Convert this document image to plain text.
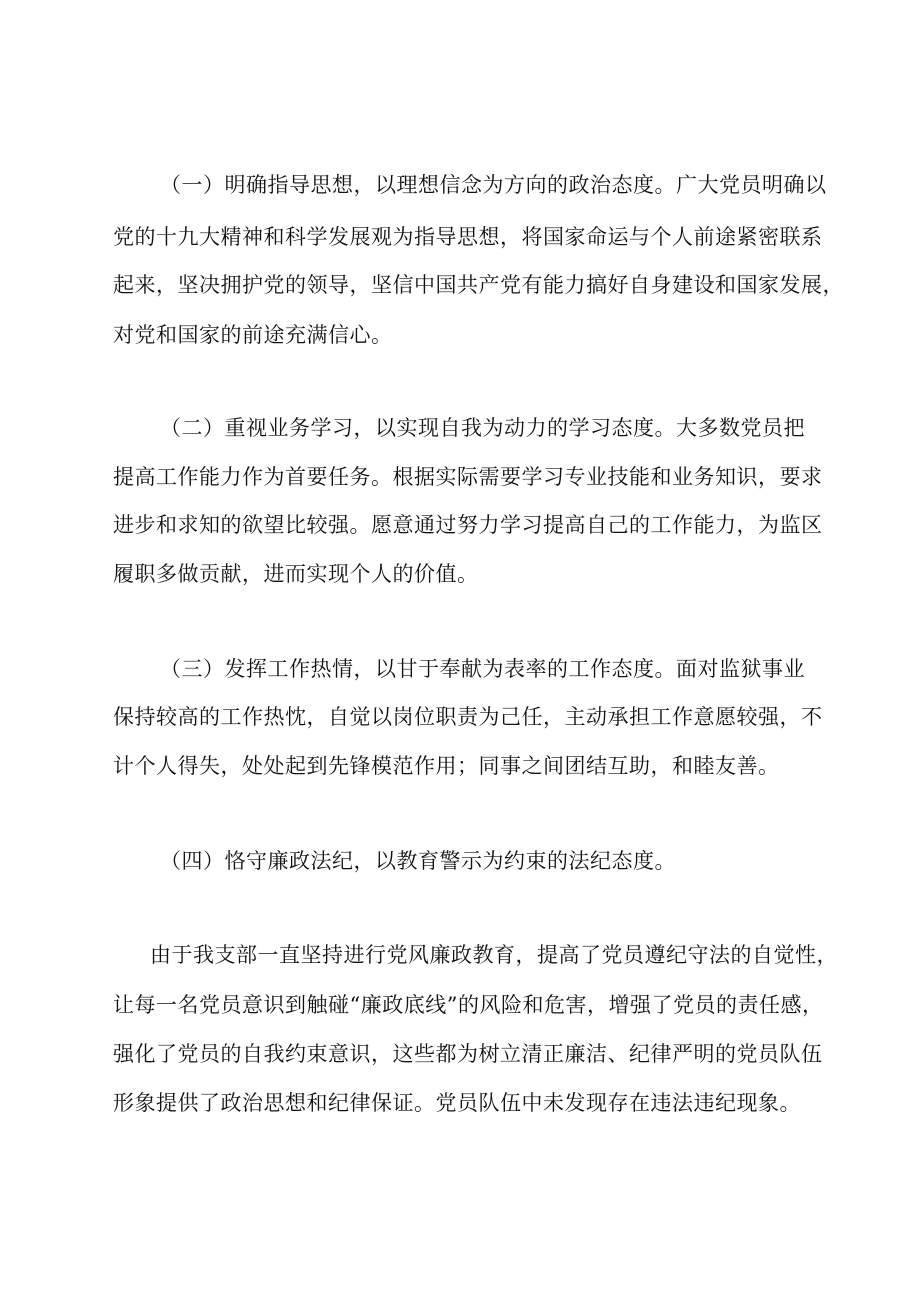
（一）明确指导思想，以理想信念为方向的政治态度。广大党员明确以
党的十九大精神和科学发展观为指导思想，将国家命运与个人前途紧密联系
起来，坚决拥护党的领导，坚信中国共产党有能力搞好自身建设和国家发展，
对党和国家的前途充满信心。
（二）重视业务学习，以实现自我为动力的学习态度。大多数党员把
提高工作能力作为首要任务。根据实际需要学习专业技能和业务知识，要求
进步和求知的欲望比较强。愿意通过努力学习提高自己的工作能力，为监区
履职多做贡献，进而实现个人的价值。
（三）发挥工作热情，以甘于奉献为表率的工作态度。面对监狱事业
保持较高的工作热忱，自觉以岗位职责为己任，主动承担工作意愿较强，不
计个人得失，处处起到先锋模范作用；同事之间团结互助，和睦友善。
（四）恪守廉政法纪，以教育警示为约束的法纪态度。
由于我支部一直坚持进行党风廉政教育，提高了党员遵纪守法的自觉性，
让每一名党员意识到触碰“廉政底线”的风险和危害，增强了党员的责任感，
强化了党员的自我约束意识，这些都为树立清正廉洁、纪律严明的党员队伍
形象提供了政治思想和纪律保证。党员队伍中未发现存在违法违纪现象。
